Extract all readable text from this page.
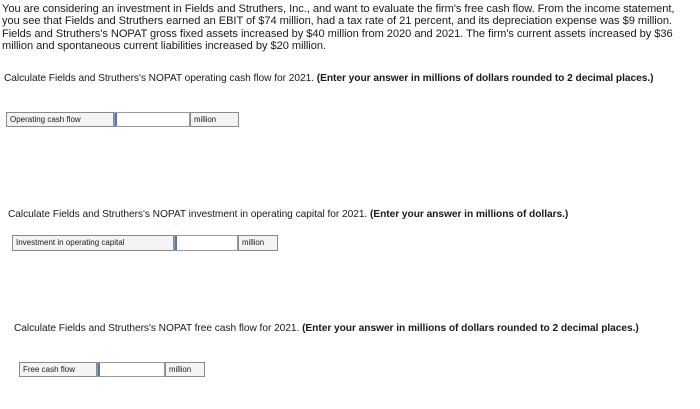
You are considering an investment in Fields and Struthers, Inc., and want to evaluate the firm's free cash flow. From the income statement, you see that Fields and Struthers earned an EBIT of $74 million, had a tax rate of 21 percent, and its depreciation expense was $9 million. Fields and Struthers's NOPAT gross fixed assets increased by $40 million from 2020 and 2021. The firm's current assets increased by $36 million and spontaneous current liabilities increased by $20 million.
Calculate Fields and Struthers's NOPAT operating cash flow for 2021. (Enter your answer in millions of dollars rounded to 2 decimal places.)
Operating cash flow	million
Calculate Fields and Struthers's NOPAT investment in operating capital for 2021. (Enter your answer in millions of dollars.)
Investment in operating capital	million
Calculate Fields and Struthers's NOPAT free cash flow for 2021. (Enter your answer in millions of dollars rounded to 2 decimal places.)
Free cash flow	million
